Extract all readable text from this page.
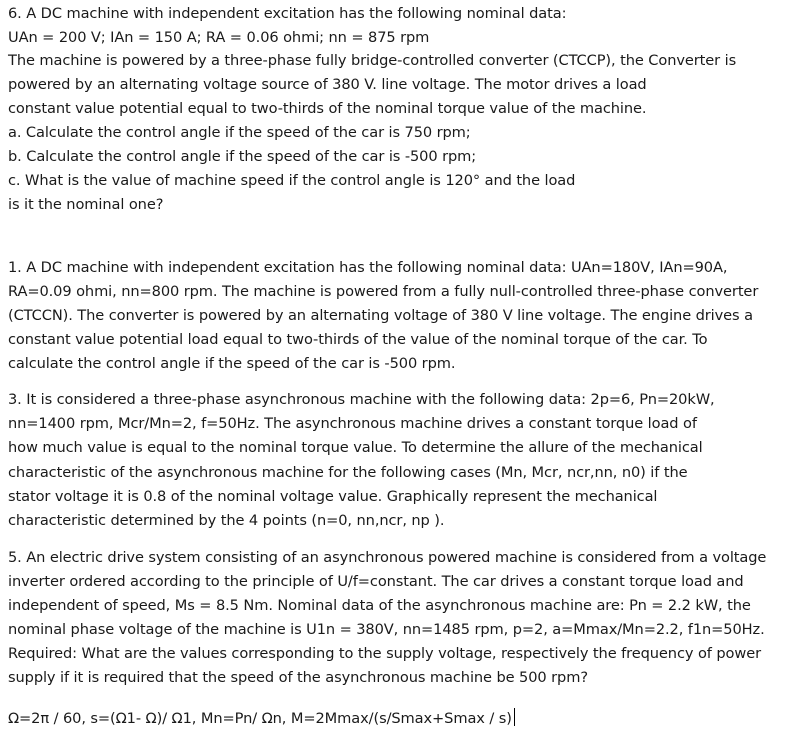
6. A DC machine with independent excitation has the following nominal data:
UAn = 200 V; IAn = 150 A; RA = 0.06 ohmi; nn = 875 rpm
The machine is powered by a three-phase fully bridge-controlled converter (CTCCP), the Converter is
powered by an alternating voltage source of 380 V. line voltage. The motor drives a load
constant value potential equal to two-thirds of the nominal torque value of the machine.
a. Calculate the control angle if the speed of the car is 750 rpm;
b. Calculate the control angle if the speed of the car is -500 rpm;
c. What is the value of machine speed if the control angle is 120° and the load
is it the nominal one?
1. A DC machine with independent excitation has the following nominal data: UAn=180V, IAn=90A,
RA=0.09 ohmi, nn=800 rpm. The machine is powered from a fully null-controlled three-phase converter
(CTCCN). The converter is powered by an alternating voltage of 380 V line voltage. The engine drives a
constant value potential load equal to two-thirds of the value of the nominal torque of the car. To
calculate the control angle if the speed of the car is -500 rpm.
3. It is considered a three-phase asynchronous machine with the following data: 2p=6, Pn=20kW,
nn=1400 rpm, Mcr/Mn=2, f=50Hz. The asynchronous machine drives a constant torque load of
how much value is equal to the nominal torque value. To determine the allure of the mechanical
characteristic of the asynchronous machine for the following cases (Mn, Mcr, ncr,nn, n0) if the
stator voltage it is 0.8 of the nominal voltage value. Graphically represent the mechanical
characteristic determined by the 4 points (n=0, nn,ncr, np ).
5. An electric drive system consisting of an asynchronous powered machine is considered from a voltage
inverter ordered according to the principle of U/f=constant. The car drives a constant torque load and
independent of speed, Ms = 8.5 Nm. Nominal data of the asynchronous machine are: Pn = 2.2 kW, the
nominal phase voltage of the machine is U1n = 380V, nn=1485 rpm, p=2, a=Mmax/Mn=2.2, f1n=50Hz.
Required: What are the values corresponding to the supply voltage, respectively the frequency of power
supply if it is required that the speed of the asynchronous machine be 500 rpm?
Ω=2π / 60, s=(Ω1- Ω)/ Ω1, Mn=Pn/ Ωn, M=2Mmax/(s/Smax+Smax / s)
